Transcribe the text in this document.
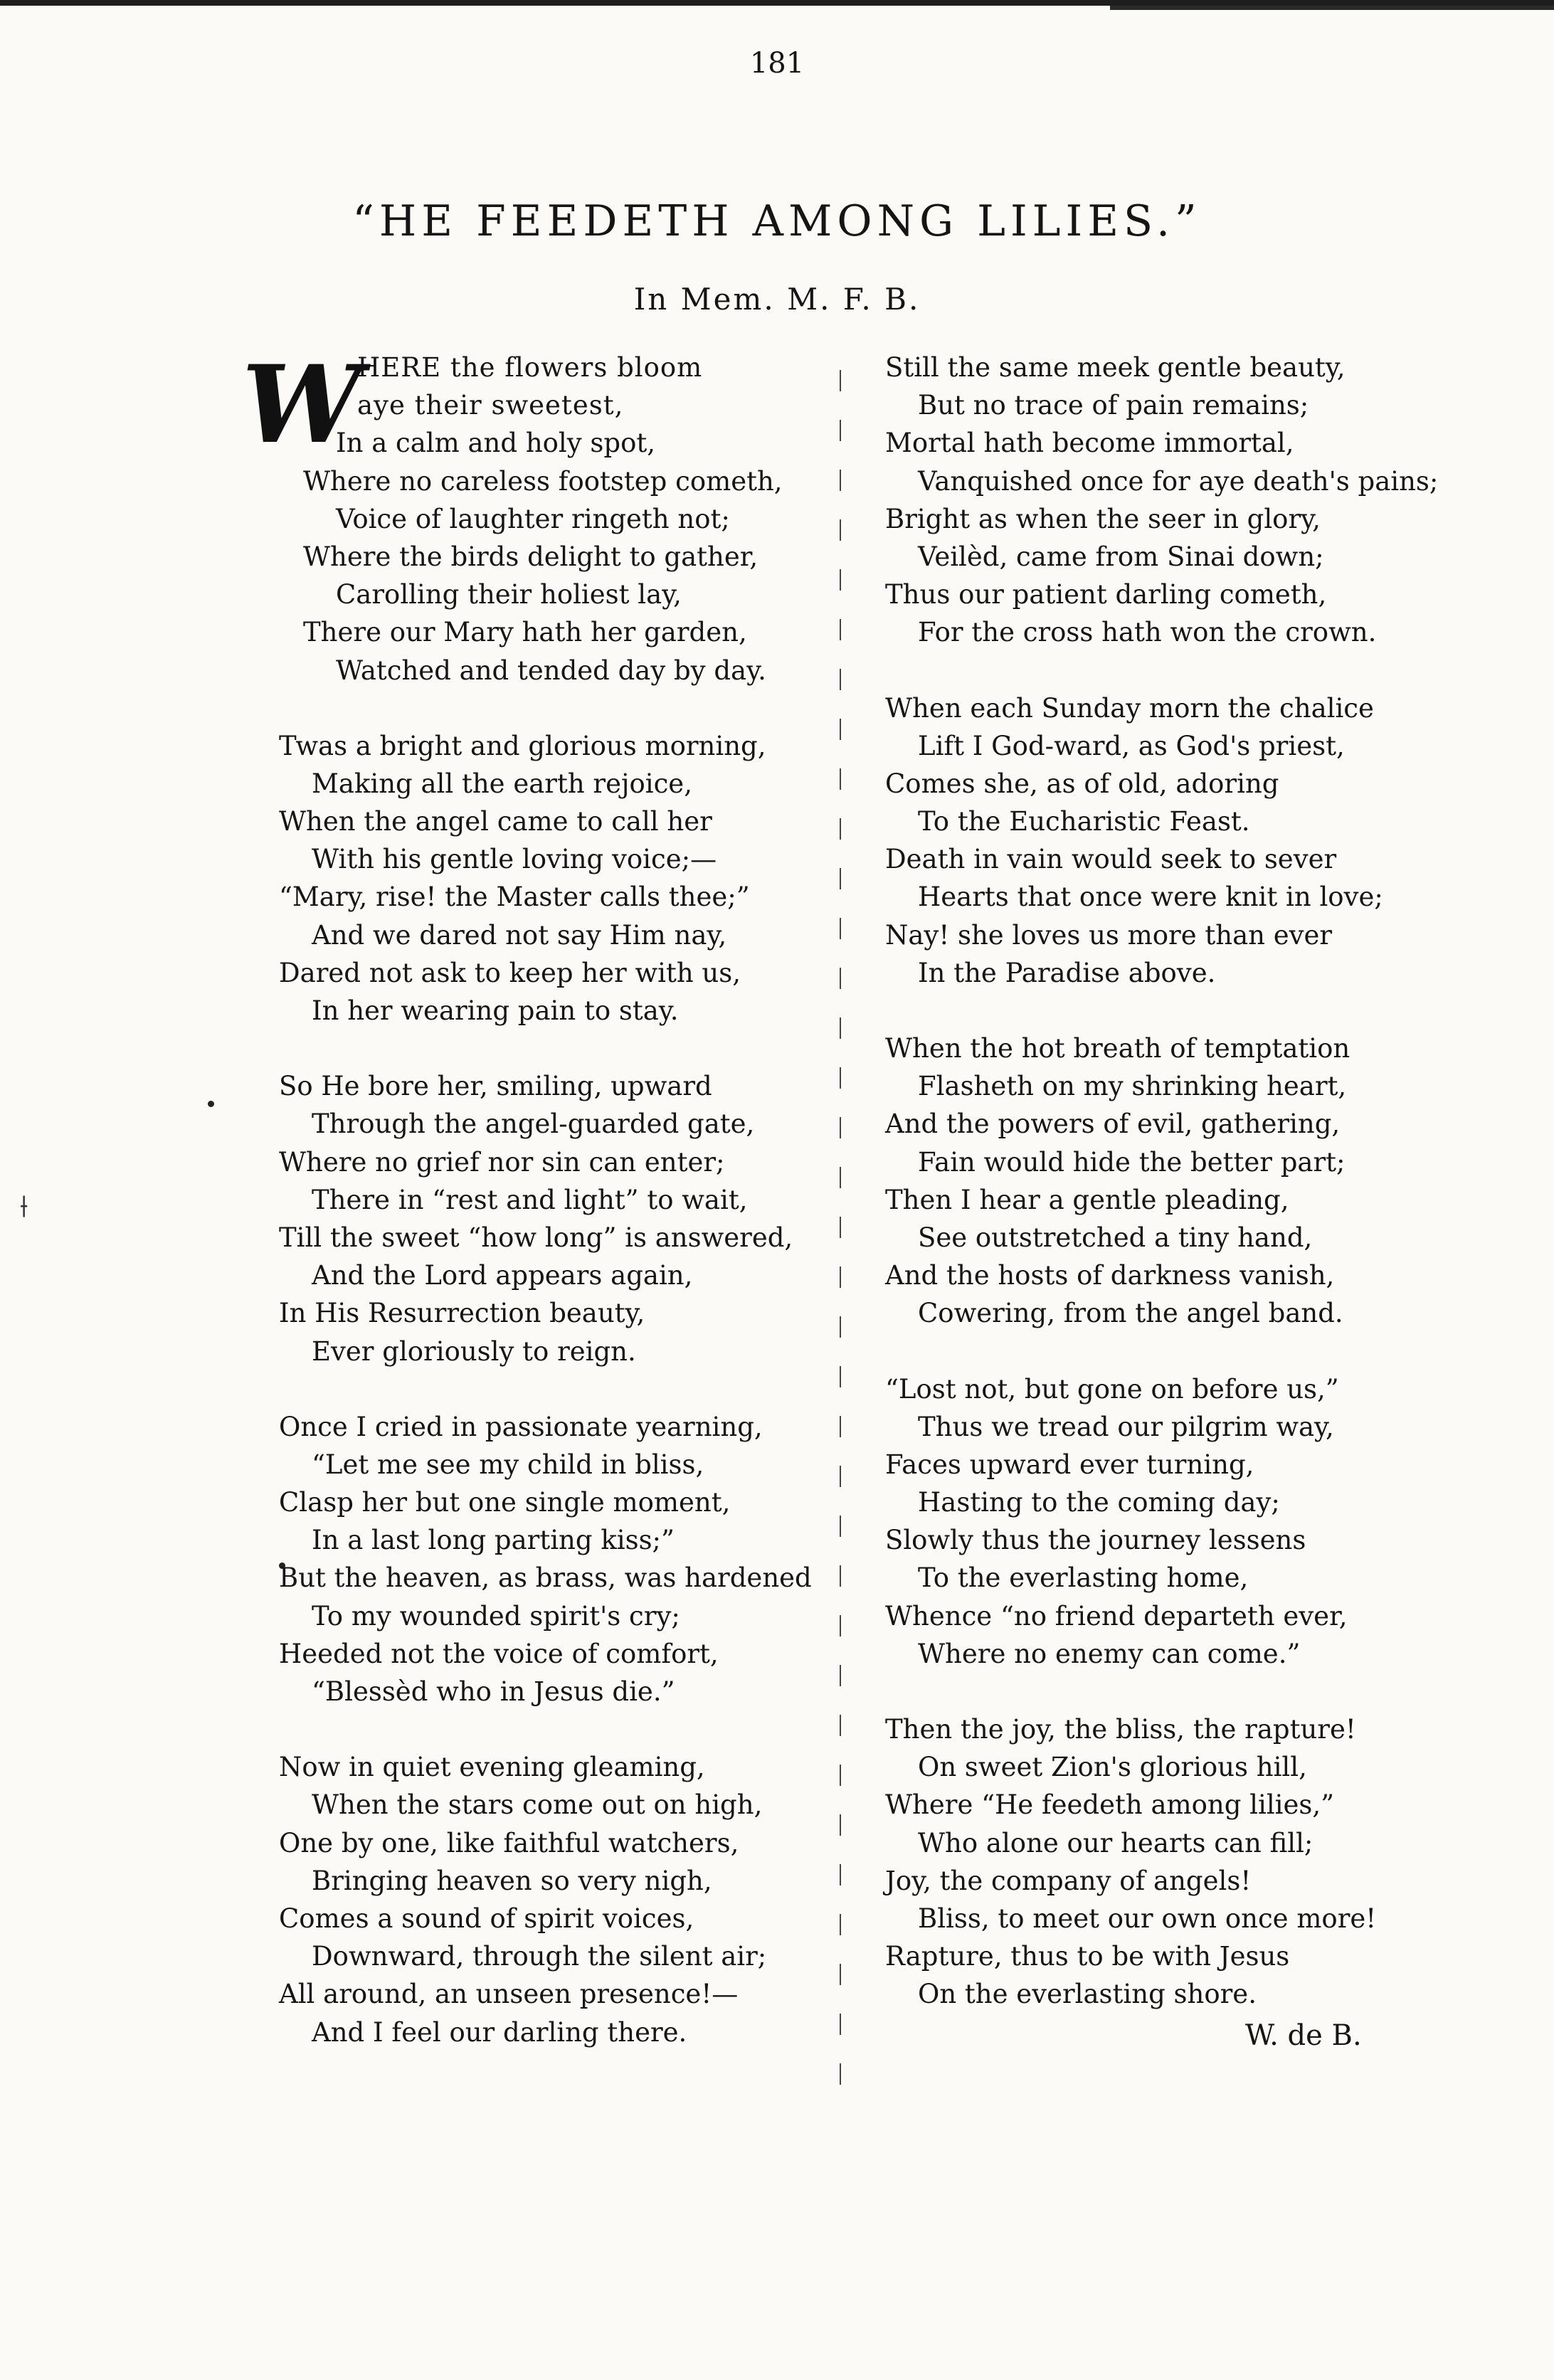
⟊
181
“HE FEEDETH AMONG LILIES.”
In Mem. M. F. B.
W
HERE the flowers bloom aye their sweetest,
In a calm and holy spot,
Where no careless footstep cometh,
Voice of laughter ringeth not;
Where the birds delight to gather,
Carolling their holiest lay,
There our Mary hath her garden,
Watched and tended day by day.
Twas a bright and glorious morning,
Making all the earth rejoice,
When the angel came to call her
With his gentle loving voice;—
“Mary, rise! the Master calls thee;”
And we dared not say Him nay,
Dared not ask to keep her with us,
In her wearing pain to stay.
So He bore her, smiling, upward
Through the angel-guarded gate,
Where no grief nor sin can enter;
There in “rest and light” to wait,
Till the sweet “how long” is answered,
And the Lord appears again,
In His Resurrection beauty,
Ever gloriously to reign.
Once I cried in passionate yearning,
“Let me see my child in bliss,
Clasp her but one single moment,
In a last long parting kiss;”
But the heaven, as brass, was hardened
To my wounded spirit's cry;
Heeded not the voice of comfort,
“Blessèd who in Jesus die.”
Now in quiet evening gleaming,
When the stars come out on high,
One by one, like faithful watchers,
Bringing heaven so very nigh,
Comes a sound of spirit voices,
Downward, through the silent air;
All around, an unseen presence!—
And I feel our darling there.
Still the same meek gentle beauty,
But no trace of pain remains;
Mortal hath become immortal,
Vanquished once for aye death's pains;
Bright as when the seer in glory,
Veilèd, came from Sinai down;
Thus our patient darling cometh,
For the cross hath won the crown.
When each Sunday morn the chalice
Lift I God-ward, as God's priest,
Comes she, as of old, adoring
To the Eucharistic Feast.
Death in vain would seek to sever
Hearts that once were knit in love;
Nay! she loves us more than ever
In the Paradise above.
When the hot breath of temptation
Flasheth on my shrinking heart,
And the powers of evil, gathering,
Fain would hide the better part;
Then I hear a gentle pleading,
See outstretched a tiny hand,
And the hosts of darkness vanish,
Cowering, from the angel band.
“Lost not, but gone on before us,”
Thus we tread our pilgrim way,
Faces upward ever turning,
Hasting to the coming day;
Slowly thus the journey lessens
To the everlasting home,
Whence “no friend departeth ever,
Where no enemy can come.”
Then the joy, the bliss, the rapture!
On sweet Zion's glorious hill,
Where “He feedeth among lilies,”
Who alone our hearts can fill;
Joy, the company of angels!
Bliss, to meet our own once more!
Rapture, thus to be with Jesus
On the everlasting shore.
W. de B.
